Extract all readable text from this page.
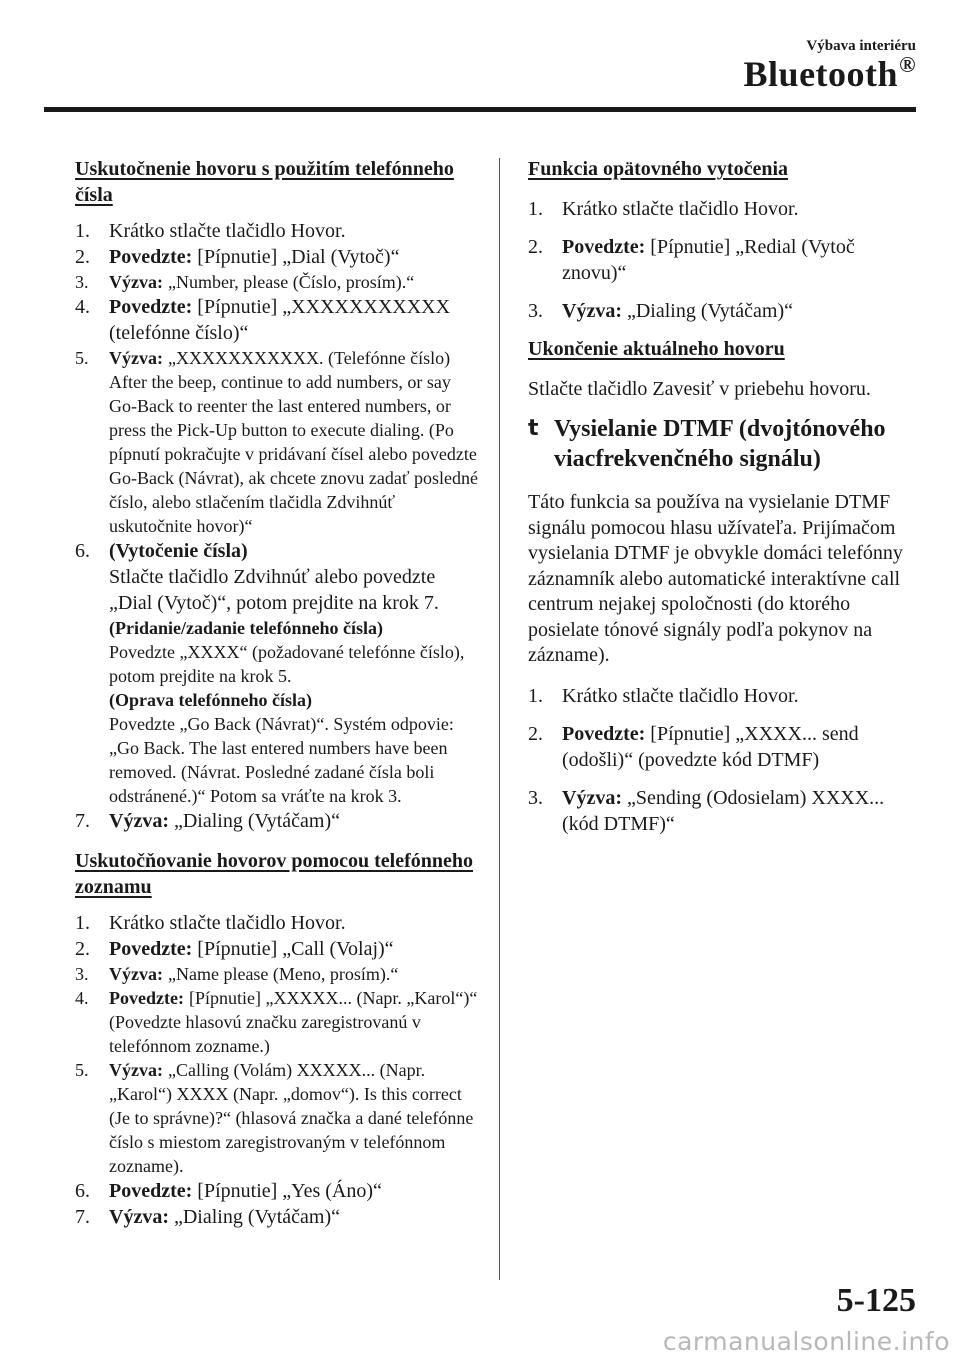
Výbava interiéru
Bluetooth®
Uskutočnenie hovoru s použitím telefónneho čísla
1. Krátko stlačte tlačidlo Hovor.
2. Povedzte: [Pípnutie] „Dial (Vytoč)“
3.	Výzva: „Number, please (Číslo, prosím).“
4. Povedzte: [Pípnutie] „XXXXXXXXXXX (telefónne číslo)“
5.	Výzva: „XXXXXXXXXXX. (Telefónne číslo) After the beep, continue to add numbers, or say Go-Back to reenter the last entered numbers, or press the Pick-Up button to execute dialing. (Po pípnutí pokračujte v pridávaní čísel alebo povedzte Go-Back (Návrat), ak chcete znovu zadať posledné číslo, alebo stlačením tlačidla Zdvihnúť uskutočnite hovor)“
6. (Vytočenie čísla)
Stlačte tlačidlo Zdvihnúť alebo povedzte „Dial (Vytoč)“, potom prejdite na krok 7.
(Pridanie/zadanie telefónneho čísla)
Povedzte „XXXX“ (požadované telefónne číslo), potom prejdite na krok 5.
(Oprava telefónneho čísla)
Povedzte „Go Back (Návrat)“. Systém odpovie: „Go Back. The last entered numbers have been removed. (Návrat. Posledné zadané čísla boli odstránené.)“ Potom sa vráťte na krok 3.
7. Výzva: „Dialing (Vytáčam)“
Uskutočňovanie hovorov pomocou telefónneho zoznamu
1. Krátko stlačte tlačidlo Hovor.
2. Povedzte: [Pípnutie] „Call (Volaj)“
3.	Výzva: „Name please (Meno, prosím).“
4.	Povedzte: [Pípnutie] „XXXXX... (Napr. „Karol“)“ (Povedzte hlasovú značku zaregistrovanú v telefónnom zozname.)
5.	Výzva: „Calling (Volám) XXXXX... (Napr. „Karol“) XXXX (Napr. „domov“). Is this correct (Je to správne)?“ (hlasová značka a dané telefónne číslo s miestom zaregistrovaným v telefónnom zozname).
6. Povedzte: [Pípnutie] „Yes (Áno)“
7. Výzva: „Dialing (Vytáčam)“
Funkcia opätovného vytočenia
1. Krátko stlačte tlačidlo Hovor.
2. Povedzte: [Pípnutie] „Redial (Vytoč znovu)“
3. Výzva: „Dialing (Vytáčam)“
Ukončenie aktuálneho hovoru

Stlačte tlačidlo Zavesiť v priebehu hovoru.

t Vysielanie DTMF (dvojtónového viacfrekvenčného signálu)

Táto funkcia sa používa na vysielanie DTMF signálu pomocou hlasu užívateľa. Prijímačom vysielania DTMF je obvykle domáci telefónny záznamník alebo automatické interaktívne call centrum nejakej spoločnosti (do ktorého posielate tónové signály podľa pokynov na zázname).

1. Krátko stlačte tlačidlo Hovor.
2. Povedzte: [Pípnutie] „XXXX... send (odošli)“ (povedzte kód DTMF)
3. Výzva: „Sending (Odosielam) XXXX... (kód DTMF)“
5-125
carmanualsonline.info
